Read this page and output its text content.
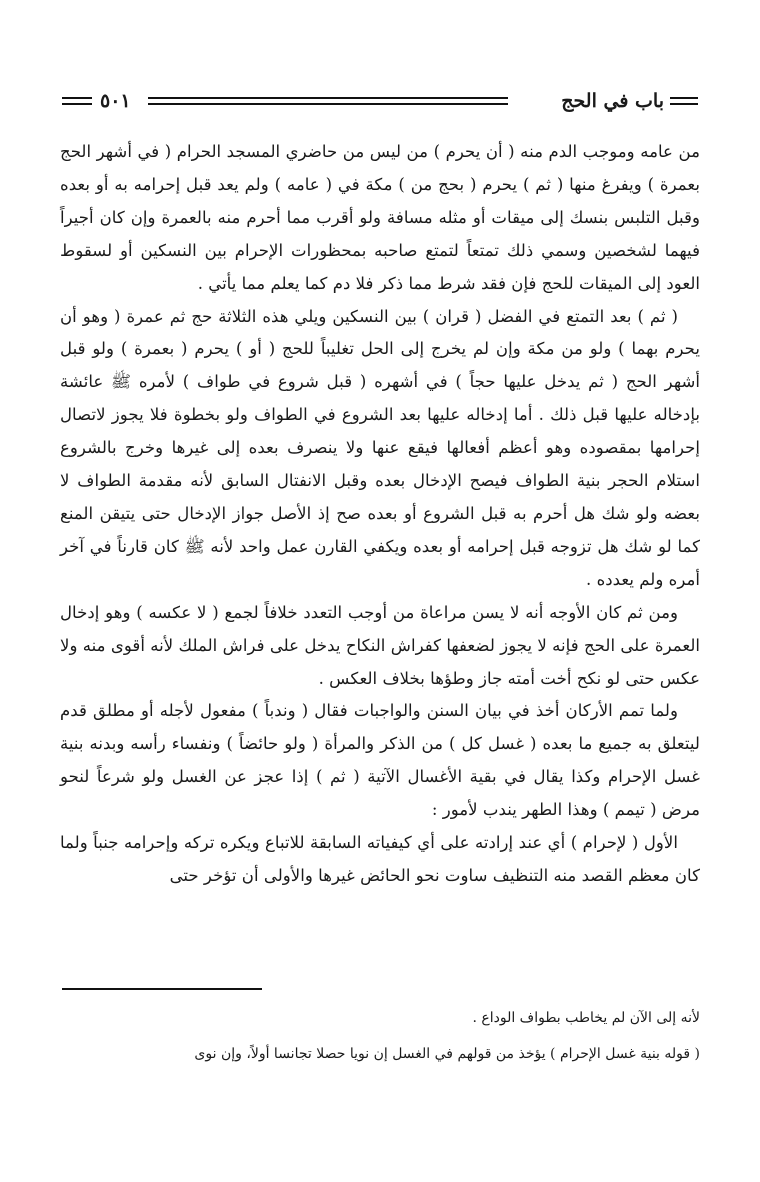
باب في الحج
٥٠١

من عامه وموجب الدم منه ( أن يحرم ) من ليس من حاضري المسجد الحرام ( في أشهر الحج بعمرة ) ويفرغ منها ( ثم ) يحرم ( بحج من ) مكة في ( عامه ) ولم يعد قبل إحرامه به أو بعده وقبل التلبس بنسك إلى ميقات أو مثله مسافة ولو أقرب مما أحرم منه بالعمرة وإن كان أجيراً فيهما لشخصين وسمي ذلك تمتعاً لتمتع صاحبه بمحظورات الإحرام بين النسكين أو لسقوط العود إلى الميقات للحج فإن فقد شرط مما ذكر فلا دم كما يعلم مما يأتي .

( ثم ) بعد التمتع في الفضل ( قران ) بين النسكين ويلي هذه الثلاثة حج ثم عمرة ( وهو أن يحرم بهما ) ولو من مكة وإن لم يخرج إلى الحل تغليباً للحج ( أو ) يحرم ( بعمرة ) ولو قبل أشهر الحج ( ثم يدخل عليها حجاً ) في أشهره ( قبل شروع في طواف ) لأمره ﷺ عائشة بإدخاله عليها قبل ذلك . أما إدخاله عليها بعد الشروع في الطواف ولو بخطوة فلا يجوز لاتصال إحرامها بمقصوده وهو أعظم أفعالها فيقع عنها ولا ينصرف بعده إلى غيرها وخرج بالشروع استلام الحجر بنية الطواف فيصح الإدخال بعده وقبل الانفتال السابق لأنه مقدمة الطواف لا بعضه ولو شك هل أحرم به قبل الشروع أو بعده صح إذ الأصل جواز الإدخال حتى يتيقن المنع كما لو شك هل تزوجه قبل إحرامه أو بعده ويكفي القارن عمل واحد لأنه ﷺ كان قارناً في آخر أمره ولم يعدده .

ومن ثم كان الأوجه أنه لا يسن مراعاة من أوجب التعدد خلافاً لجمع ( لا عكسه ) وهو إدخال العمرة على الحج فإنه لا يجوز لضعفها كفراش النكاح يدخل على فراش الملك لأنه أقوى منه ولا عكس حتى لو نكح أخت أمته جاز وطؤها بخلاف العكس .

ولما تمم الأركان أخذ في بيان السنن والواجبات فقال ( وندباً ) مفعول لأجله أو مطلق قدم ليتعلق به جميع ما بعده ( غسل كل ) من الذكر والمرأة ( ولو حائضاً ) ونفساء رأسه وبدنه بنية غسل الإحرام وكذا يقال في بقية الأغسال الآتية ( ثم ) إذا عجز عن الغسل ولو شرعاً لنحو مرض ( تيمم ) وهذا الطهر يندب لأمور :

الأول ( لإحرام ) أي عند إرادته على أي كيفياته السابقة للاتباع ويكره تركه وإحرامه جنباً ولما كان معظم القصد منه التنظيف ساوت نحو الحائض غيرها والأولى أن تؤخر حتى

لأنه إلى الآن لم يخاطب بطواف الوداع .

( قوله بنية غسل الإحرام ) يؤخذ من قولهم في الغسل إن نويا حصلا تجانسا أولاً، وإن نوى
